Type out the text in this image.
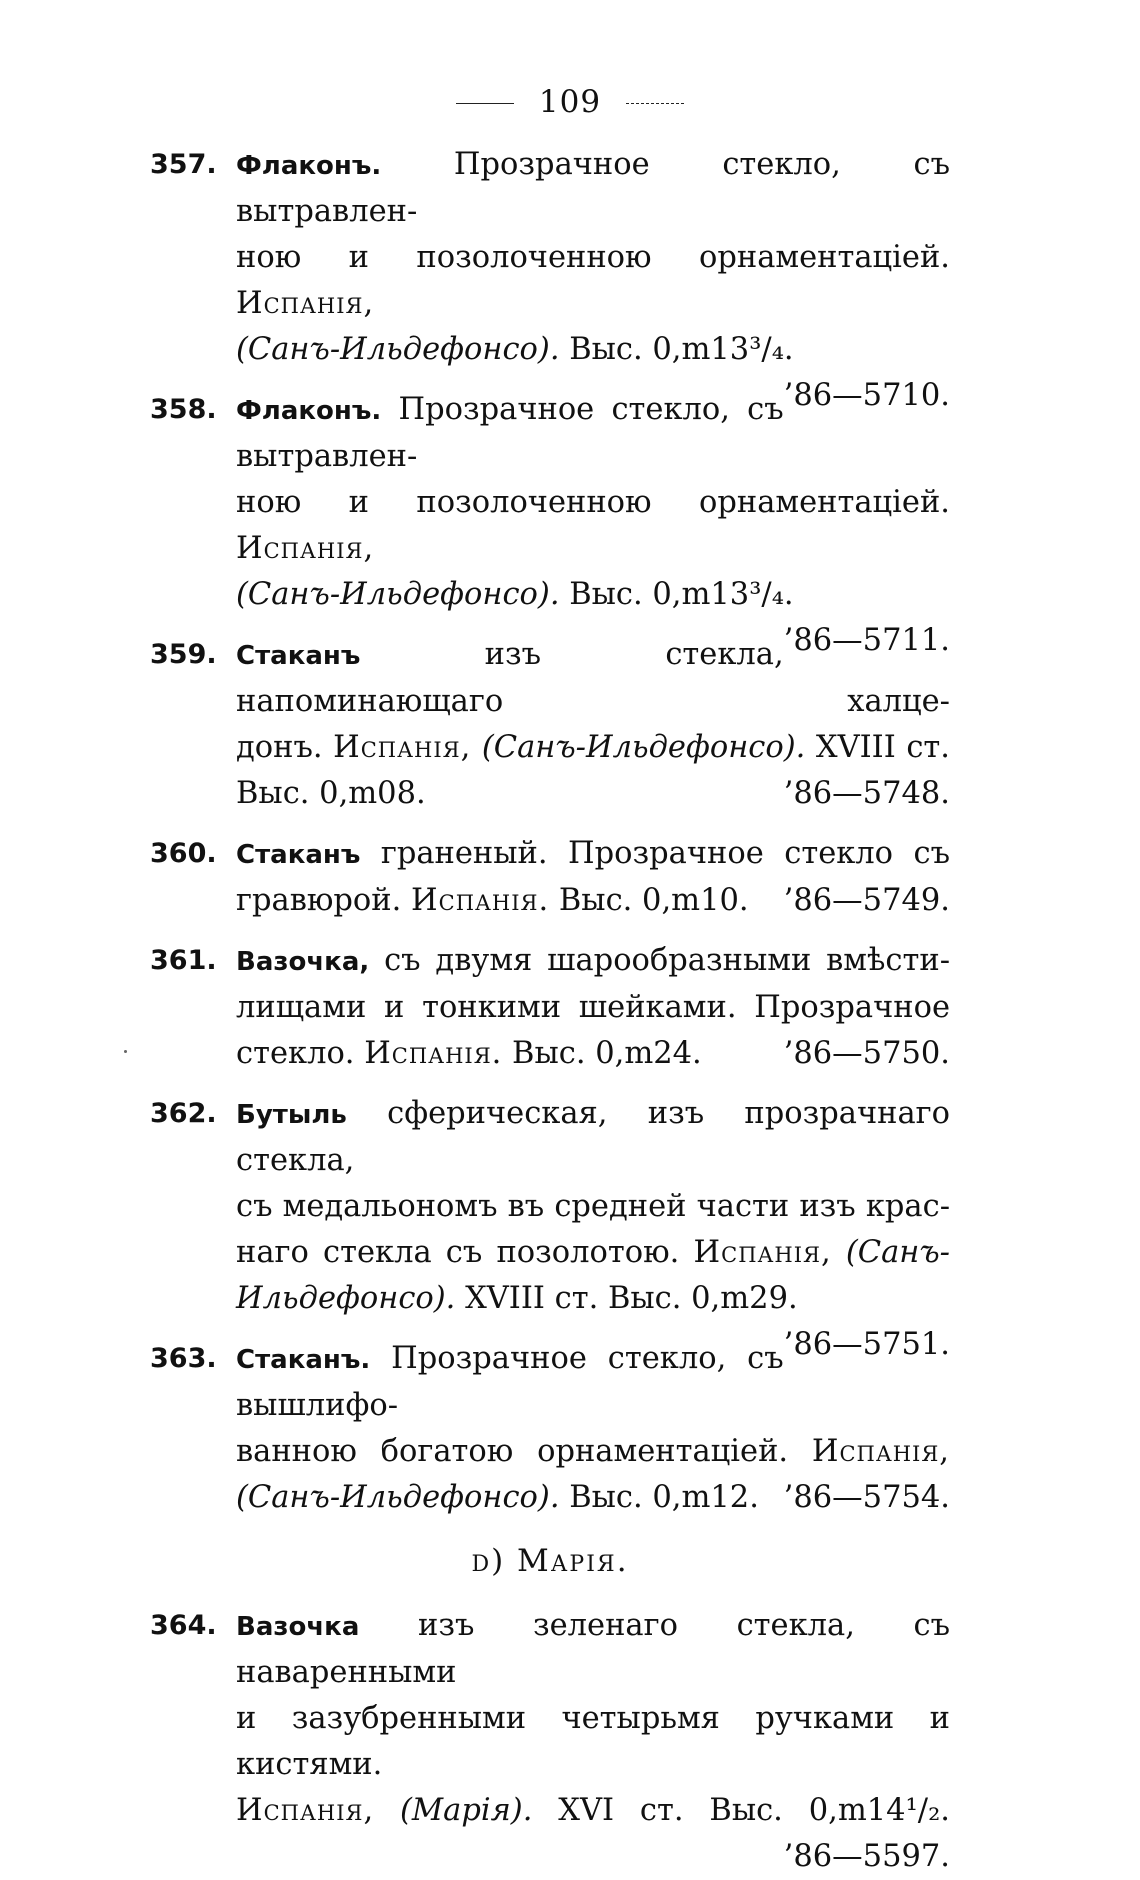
109
357. Флаконъ. Прозрачное стекло, съ вытравлен-
ною и позолоченною орнаментаціей. Испанія,
(Санъ-Ильдефонсо). Выс. 0,m13³/₄.
’86—5710.
358. Флаконъ. Прозрачное стекло, съ вытравлен-
ною и позолоченною орнаментаціей. Испанія,
(Санъ-Ильдефонсо). Выс. 0,m13³/₄.
’86—5711.
359. Стаканъ изъ стекла, напоминающаго халце-
донъ. Испанія, (Санъ-Ильдефонсо). XVIII ст.
Выс. 0,m08.	’86—5748.
360. Стаканъ граненый. Прозрачное стекло съ
гравюрой. Испанія. Выс. 0,m10. ’86—5749.
361. Вазочка, съ двумя шарообразными вмѣсти-
лищами и тонкими шейками. Прозрачное
стекло. Испанія. Выс. 0,m24.	’86—5750.
362. Бутыль сферическая, изъ прозрачнаго стекла,
съ медальономъ въ средней части изъ крас-
наго стекла съ позолотою. Испанія, (Санъ-
Ильдефонсо). XVIII ст. Выс. 0,m29.
’86—5751.
363. Стаканъ. Прозрачное стекло, съ вышлифо-
ванною богатою орнаментаціей. Испанія,
(Санъ-Ильдефонсо). Выс. 0,m12. ’86—5754.
d) Марія.
364. Вазочка изъ зеленаго стекла, съ наваренными
и зазубренными четырьмя ручками и кистями.
Испанія, (Марія). XVI ст. Выс. 0,m14¹/₂.
’86—5597.
